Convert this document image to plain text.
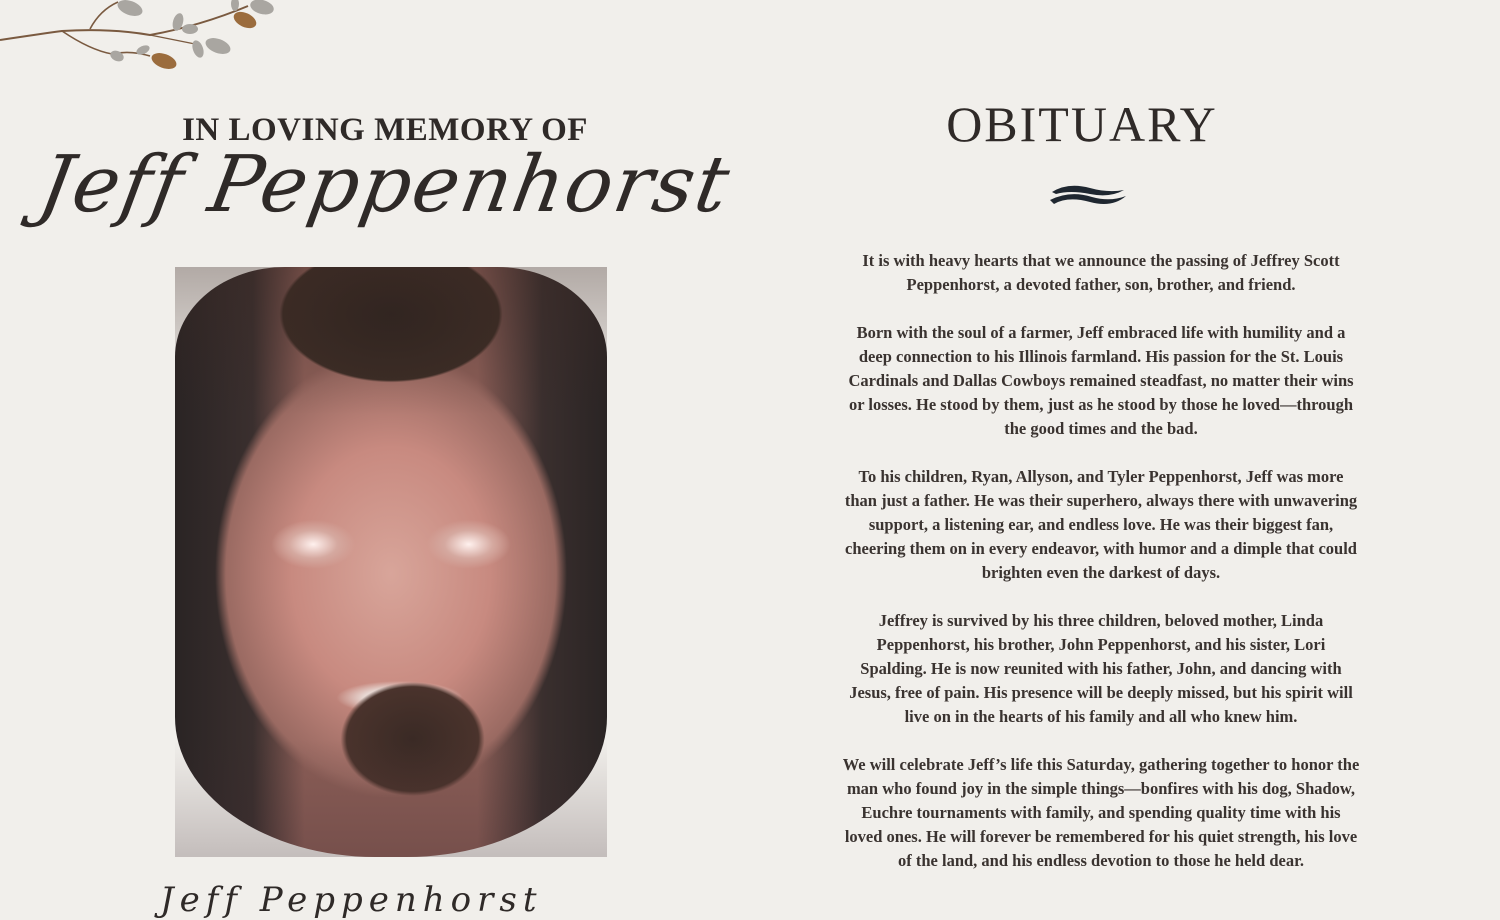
IN LOVING MEMORY OF
Jeff Peppenhorst
Jeff Peppenhorst
OBITUARY

It is with heavy hearts that we announce the passing of Jeffrey Scott Peppenhorst, a devoted father, son, brother, and friend.

Born with the soul of a farmer, Jeff embraced life with humility and a deep connection to his Illinois farmland. His passion for the St. Louis Cardinals and Dallas Cowboys remained steadfast, no matter their wins or losses. He stood by them, just as he stood by those he loved—through the good times and the bad.

To his children, Ryan, Allyson, and Tyler Peppenhorst, Jeff was more than just a father. He was their superhero, always there with unwavering support, a listening ear, and endless love. He was their biggest fan, cheering them on in every endeavor, with humor and a dimple that could brighten even the darkest of days.

Jeffrey is survived by his three children, beloved mother, Linda Peppenhorst, his brother, John Peppenhorst, and his sister, Lori Spalding. He is now reunited with his father, John, and dancing with Jesus, free of pain. His presence will be deeply missed, but his spirit will live on in the hearts of his family and all who knew him.

We will celebrate Jeff’s life this Saturday, gathering together to honor the man who found joy in the simple things—bonfires with his dog, Shadow, Euchre tournaments with family, and spending quality time with his loved ones. He will forever be remembered for his quiet strength, his love of the land, and his endless devotion to those he held dear.
